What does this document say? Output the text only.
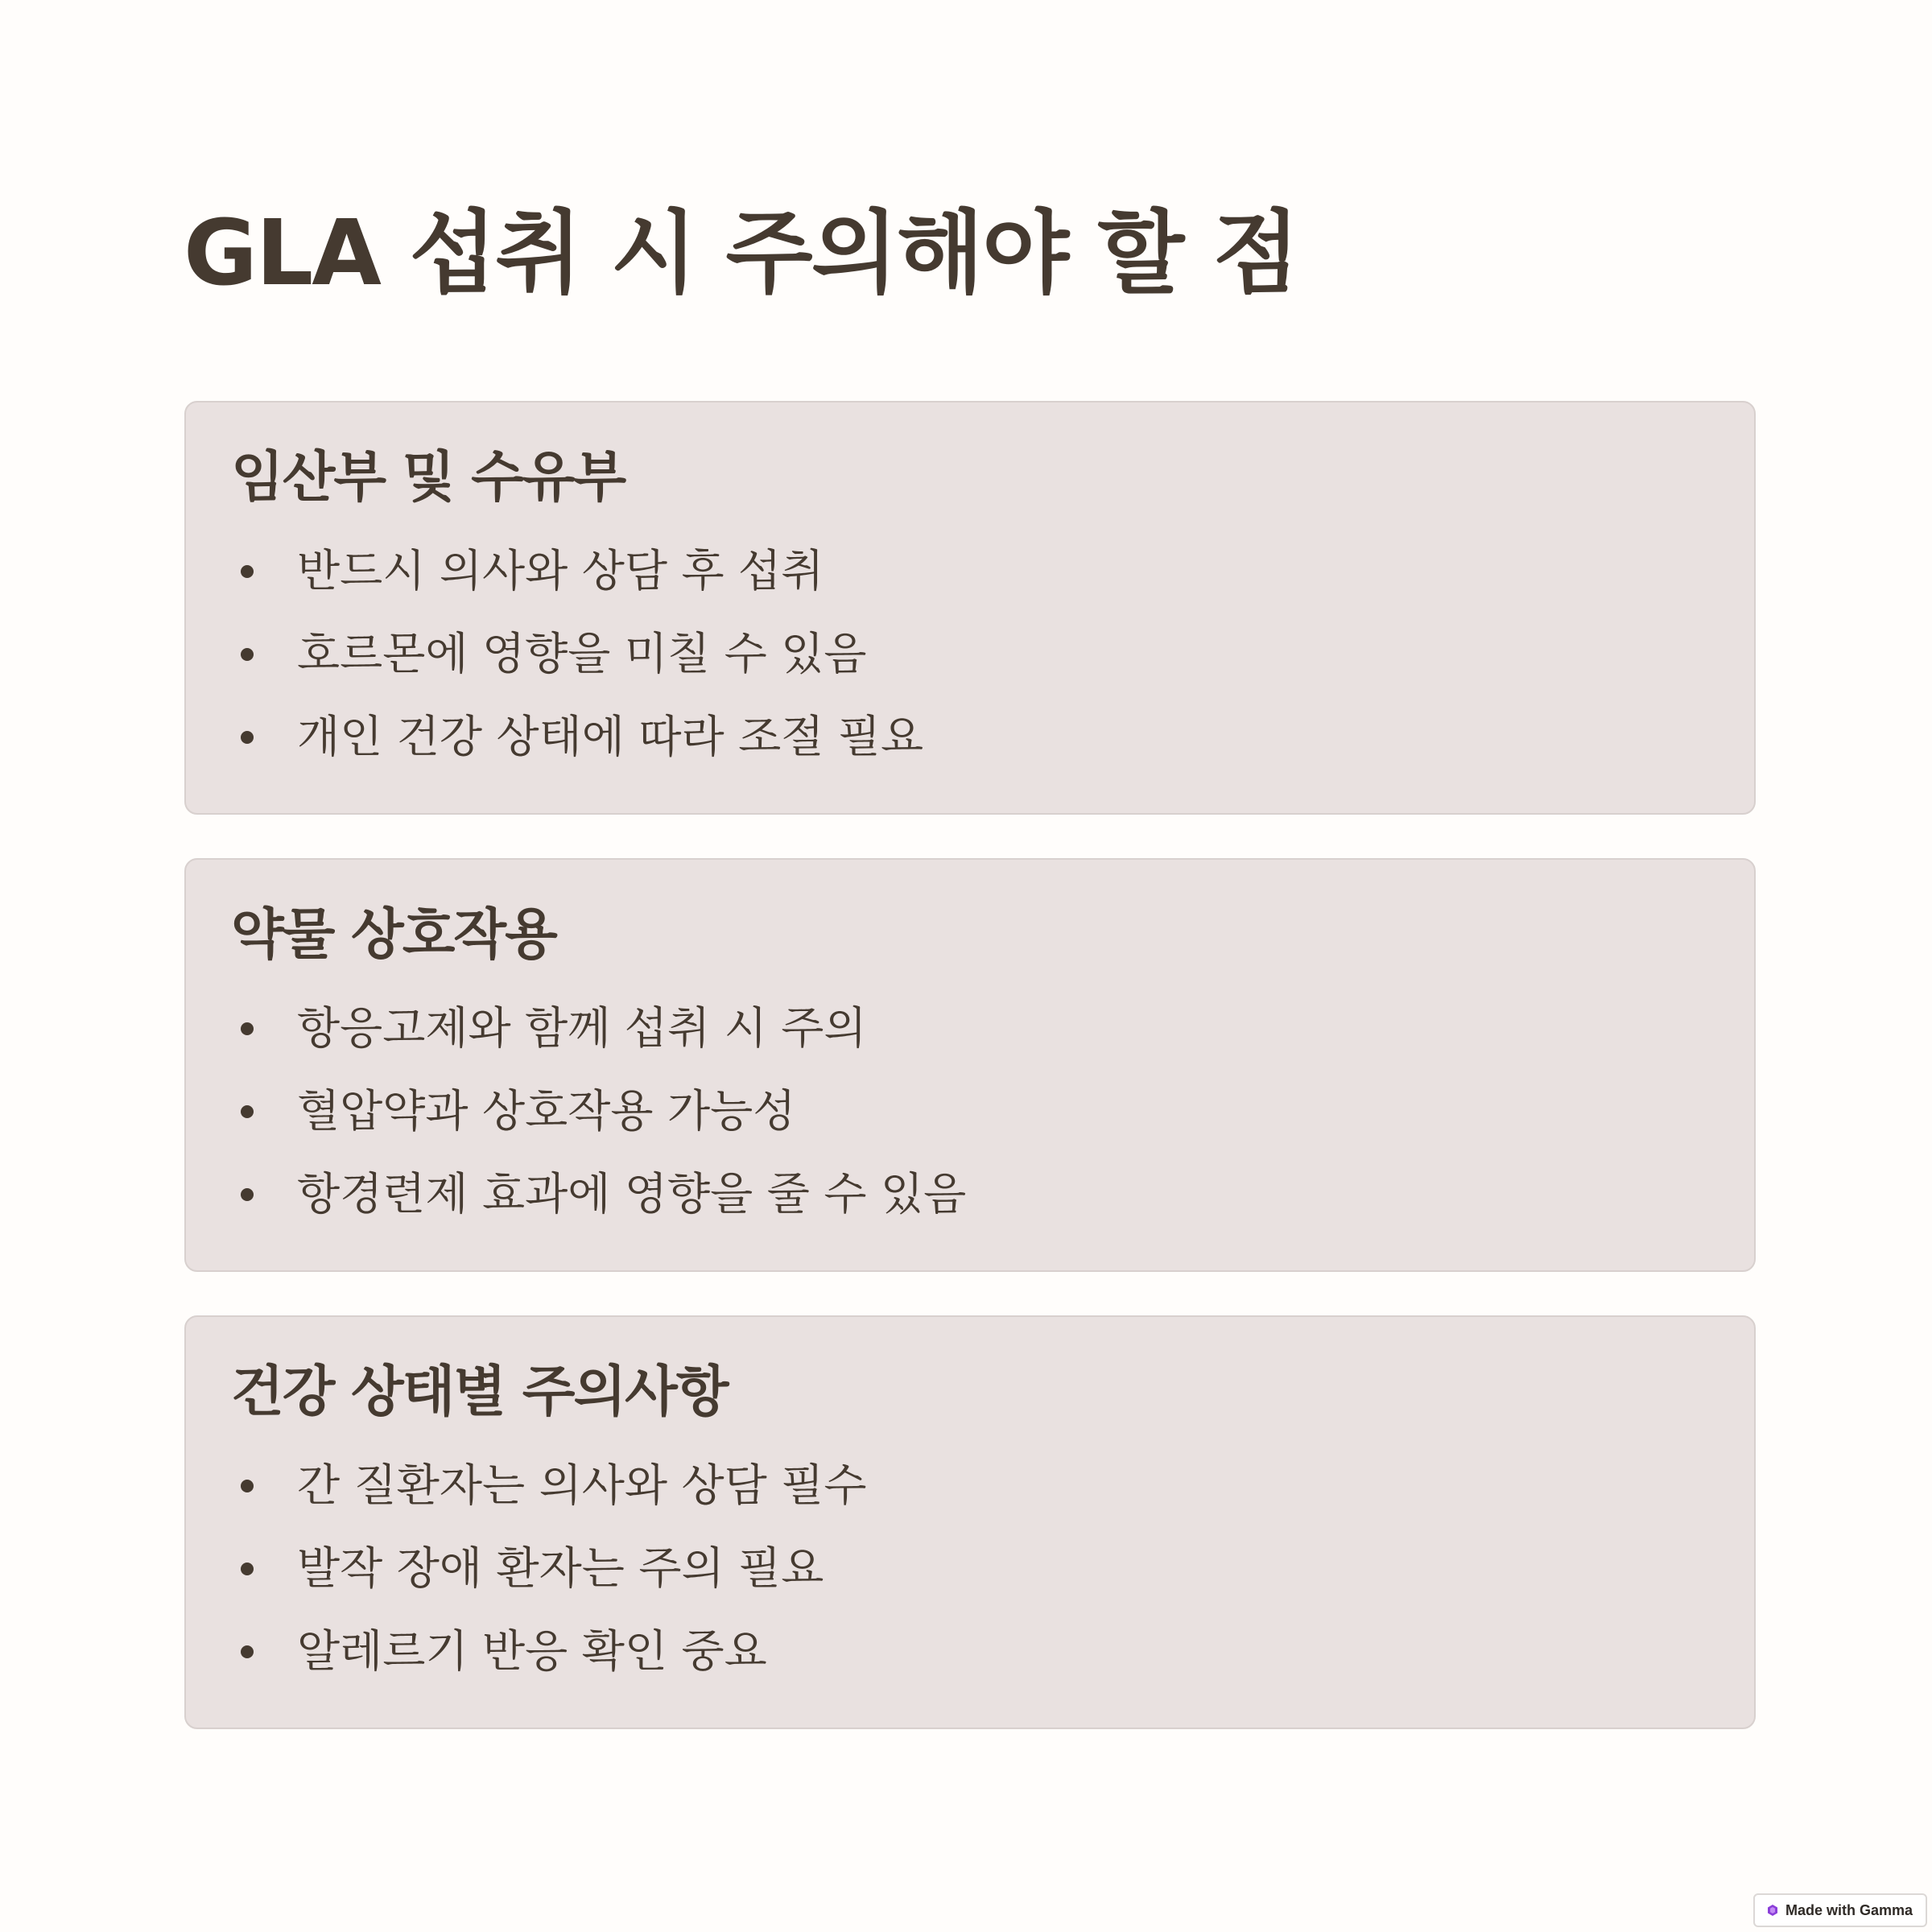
GLA 섭취 시 주의해야 할 점
임산부 및 수유부
반드시 의사와 상담 후 섭취
호르몬에 영향을 미칠 수 있음
개인 건강 상태에 따라 조절 필요
약물 상호작용
항응고제와 함께 섭취 시 주의
혈압약과 상호작용 가능성
항경련제 효과에 영향을 줄 수 있음
건강 상태별 주의사항
간 질환자는 의사와 상담 필수
발작 장애 환자는 주의 필요
알레르기 반응 확인 중요
Made with Gamma
